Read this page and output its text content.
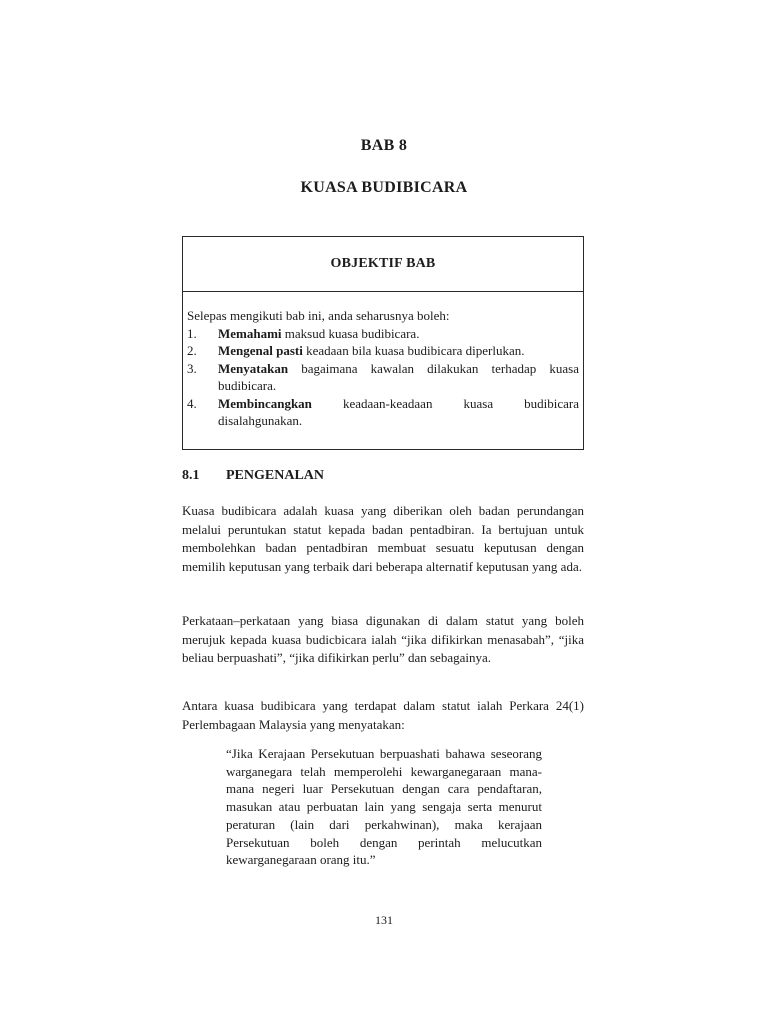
BAB 8
KUASA BUDIBICARA
OBJEKTIF BAB

Selepas mengikuti bab ini, anda seharusnya boleh:

1.	Memahami maksud kuasa budibicara.
2.	Mengenal pasti keadaan bila kuasa budibicara diperlukan.
3.	Menyatakan bagaimana kawalan dilakukan terhadap kuasa budibicara.
4.	Membincangkan keadaan-keadaan kuasa budibicara disalahgunakan.
8.1	PENGENALAN

Kuasa budibicara adalah kuasa yang diberikan oleh badan perundangan melalui peruntukan statut kepada badan pentadbiran. Ia bertujuan untuk membolehkan badan pentadbiran membuat sesuatu keputusan dengan memilih keputusan yang terbaik dari beberapa alternatif keputusan yang ada.

Perkataan–perkataan yang biasa digunakan di dalam statut yang boleh merujuk kepada kuasa budicbicara ialah “jika difikirkan menasabah”, “jika beliau berpuashati”, “jika difikirkan perlu” dan sebagainya.

Antara kuasa budibicara yang terdapat dalam statut ialah Perkara 24(1) Perlembagaan Malaysia yang menyatakan:

“Jika Kerajaan Persekutuan berpuashati bahawa seseorang warganegara telah memperolehi kewarganegaraan mana-mana negeri luar Persekutuan dengan cara pendaftaran, masukan atau perbuatan lain yang sengaja serta menurut peraturan (lain dari perkahwinan), maka kerajaan Persekutuan boleh dengan perintah melucutkan kewarganegaraan orang itu.”

131
